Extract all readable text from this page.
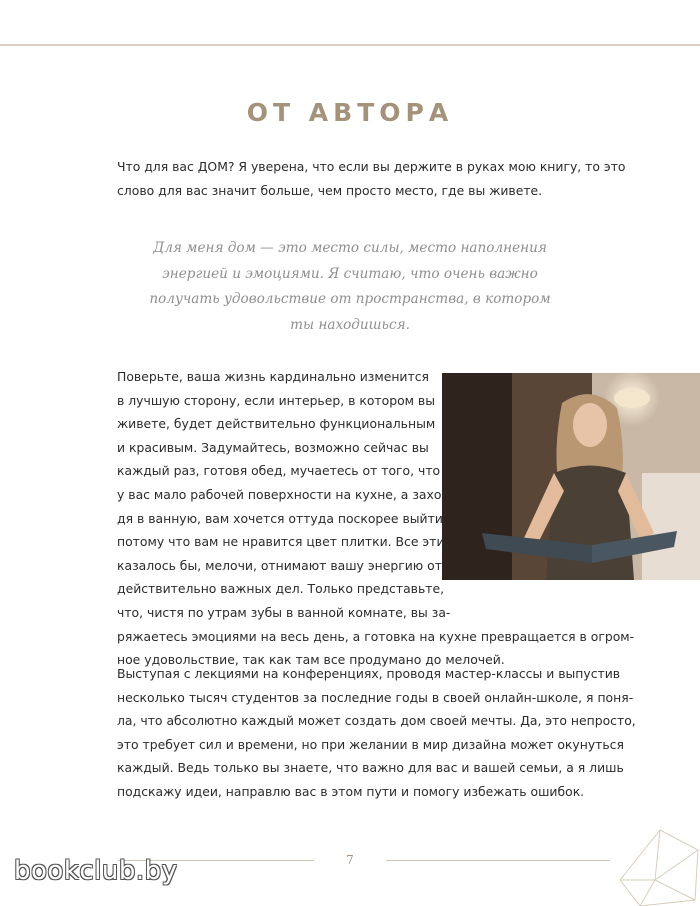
ОТ АВТОРА

Что для вас ДОМ? Я уверена, что если вы держите в руках мою книгу, то это
слово для вас значит больше, чем просто место, где вы живете.

Для меня дом — это место силы, место наполнения
энергией и эмоциями. Я считаю, что очень важно
получать удовольствие от пространства, в котором
ты находишься.

Поверьте, ваша жизнь кардинально изменится
в лучшую сторону, если интерьер, в котором вы
живете, будет действительно функциональным
и красивым. Задумайтесь, возможно сейчас вы
каждый раз, готовя обед, мучаетесь от того, что
у вас мало рабочей поверхности на кухне, а захо-
дя в ванную, вам хочется оттуда поскорее выйти,
потому что вам не нравится цвет плитки. Все эти,
казалось бы, мелочи, отнимают вашу энергию от
действительно важных дел. Только представьте,
что, чистя по утрам зубы в ванной комнате, вы за-
ряжаетесь эмоциями на весь день, а готовка на кухне превращается в огром-
ное удовольствие, так как там все продумано до мелочей.

Выступая с лекциями на конференциях, проводя мастер-классы и выпустив
несколько тысяч студентов за последние годы в своей онлайн-школе, я поня-
ла, что абсолютно каждый может создать дом своей мечты. Да, это непросто,
это требует сил и времени, но при желании в мир дизайна может окунуться
каждый. Ведь только вы знаете, что важно для вас и вашей семьи, а я лишь
подскажу идеи, направлю вас в этом пути и помогу избежать ошибок.

7
bookclub.by
